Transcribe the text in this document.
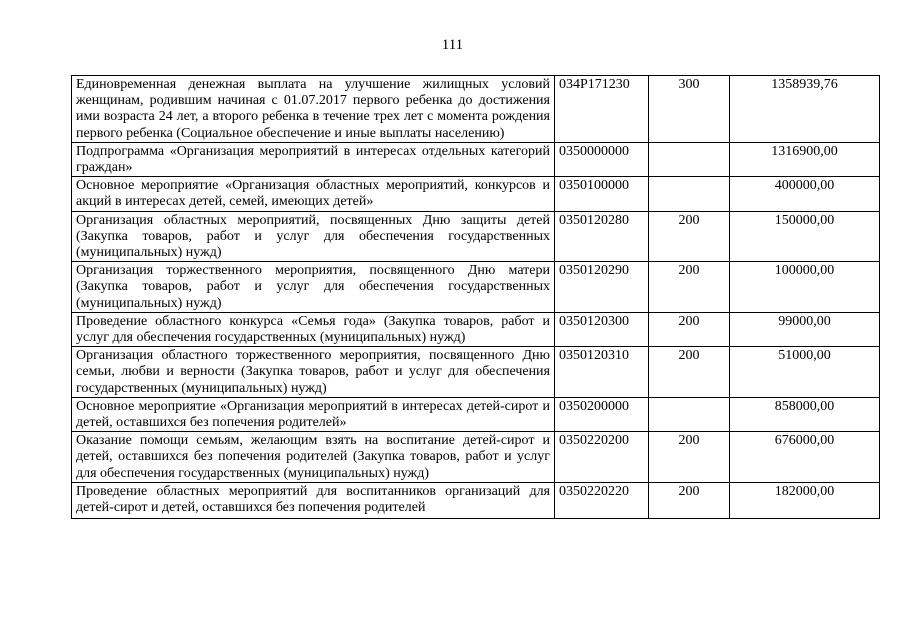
111
Единовременная денежная выплата на улучшение жилищных условий женщинам, родившим начиная с 01.07.2017 первого ребенка до достижения ими возраста 24 лет, а второго ребенка в течение трех лет с момента рождения первого ребенка (Социальное обеспечение и иные выплаты населению)	034P171230	300	1358939,76
Подпрограмма «Организация мероприятий в интересах отдельных категорий граждан»	0350000000		1316900,00
Основное мероприятие «Организация областных мероприятий, конкурсов и акций в интересах детей, семей, имеющих детей»	0350100000		400000,00
Организация областных мероприятий, посвященных Дню защиты детей (Закупка товаров, работ и услуг для обеспечения государственных (муниципальных) нужд)	0350120280	200	150000,00
Организация торжественного мероприятия, посвященного Дню матери (Закупка товаров, работ и услуг для обеспечения государственных (муниципальных) нужд)	0350120290	200	100000,00
Проведение областного конкурса «Семья года» (Закупка товаров, работ и услуг для обеспечения государственных (муниципальных) нужд)	0350120300	200	99000,00
Организация областного торжественного мероприятия, посвященного Дню семьи, любви и верности (Закупка товаров, работ и услуг для обеспечения государственных (муниципальных) нужд)	0350120310	200	51000,00
Основное мероприятие «Организация мероприятий в интересах детей-сирот и детей, оставшихся без попечения родителей»	0350200000		858000,00
Оказание помощи семьям, желающим взять на воспитание детей-сирот и детей, оставшихся без попечения родителей (Закупка товаров, работ и услуг для обеспечения государственных (муниципальных) нужд)	0350220200	200	676000,00

Проведение областных мероприятий для воспитанников организаций для детей-сирот и детей, оставшихся без попечения родителей	0350220220	200	182000,00
